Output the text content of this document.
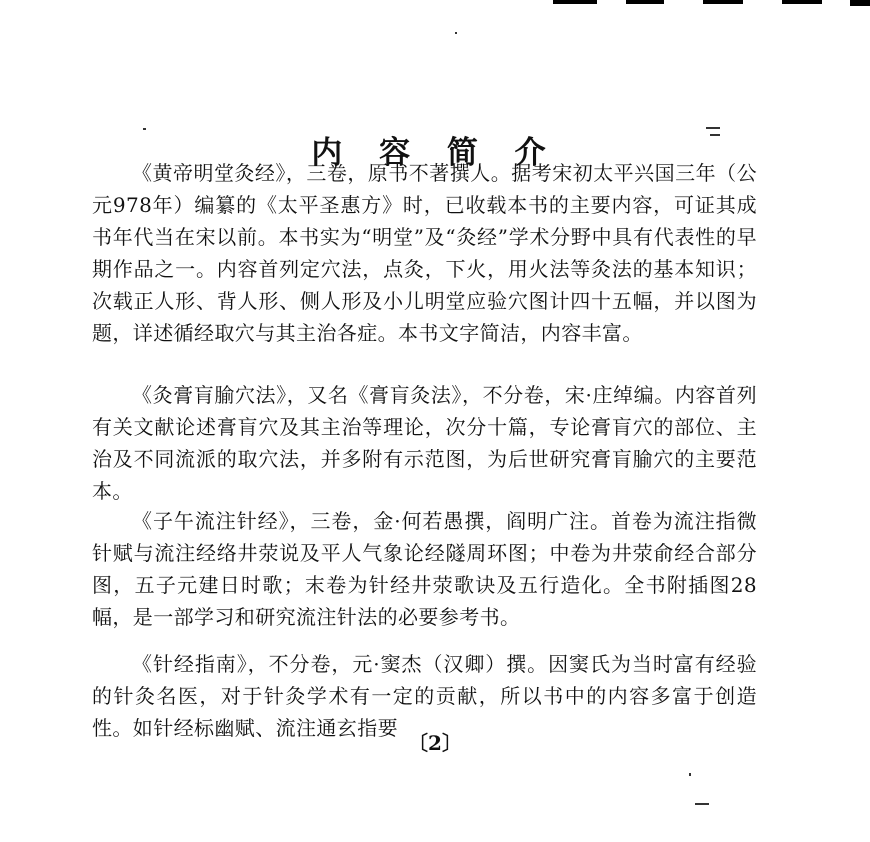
内 容 简 介

《黄帝明堂灸经》，三卷，原书不著撰人。据考宋初太平兴国三年（公元978年）编纂的《太平圣惠方》时，已收载本书的主要内容，可证其成书年代当在宋以前。本书实为“明堂”及“灸经”学术分野中具有代表性的早期作品之一。内容首列定穴法，点灸，下火，用火法等灸法的基本知识；次载正人形、背人形、侧人形及小儿明堂应验穴图计四十五幅，并以图为题，详述循经取穴与其主治各症。本书文字简洁，内容丰富。

《灸膏肓腧穴法》，又名《膏肓灸法》，不分卷，宋·庄绰编。内容首列有关文献论述膏肓穴及其主治等理论，次分十篇，专论膏肓穴的部位、主治及不同流派的取穴法，并多附有示范图，为后世研究膏肓腧穴的主要范本。

《子午流注针经》，三卷，金·何若愚撰，阎明广注。首卷为流注指微针赋与流注经络井荥说及平人气象论经隧周环图；中卷为井荥俞经合部分图，五子元建日时歌；末卷为针经井荥歌诀及五行造化。全书附插图28幅，是一部学习和研究流注针法的必要参考书。

《针经指南》，不分卷，元·窦杰（汉卿）撰。因窦氏为当时富有经验的针灸名医，对于针灸学术有一定的贡献，所以书中的内容多富于创造性。如针经标幽赋、流注通玄指要

〔2〕
